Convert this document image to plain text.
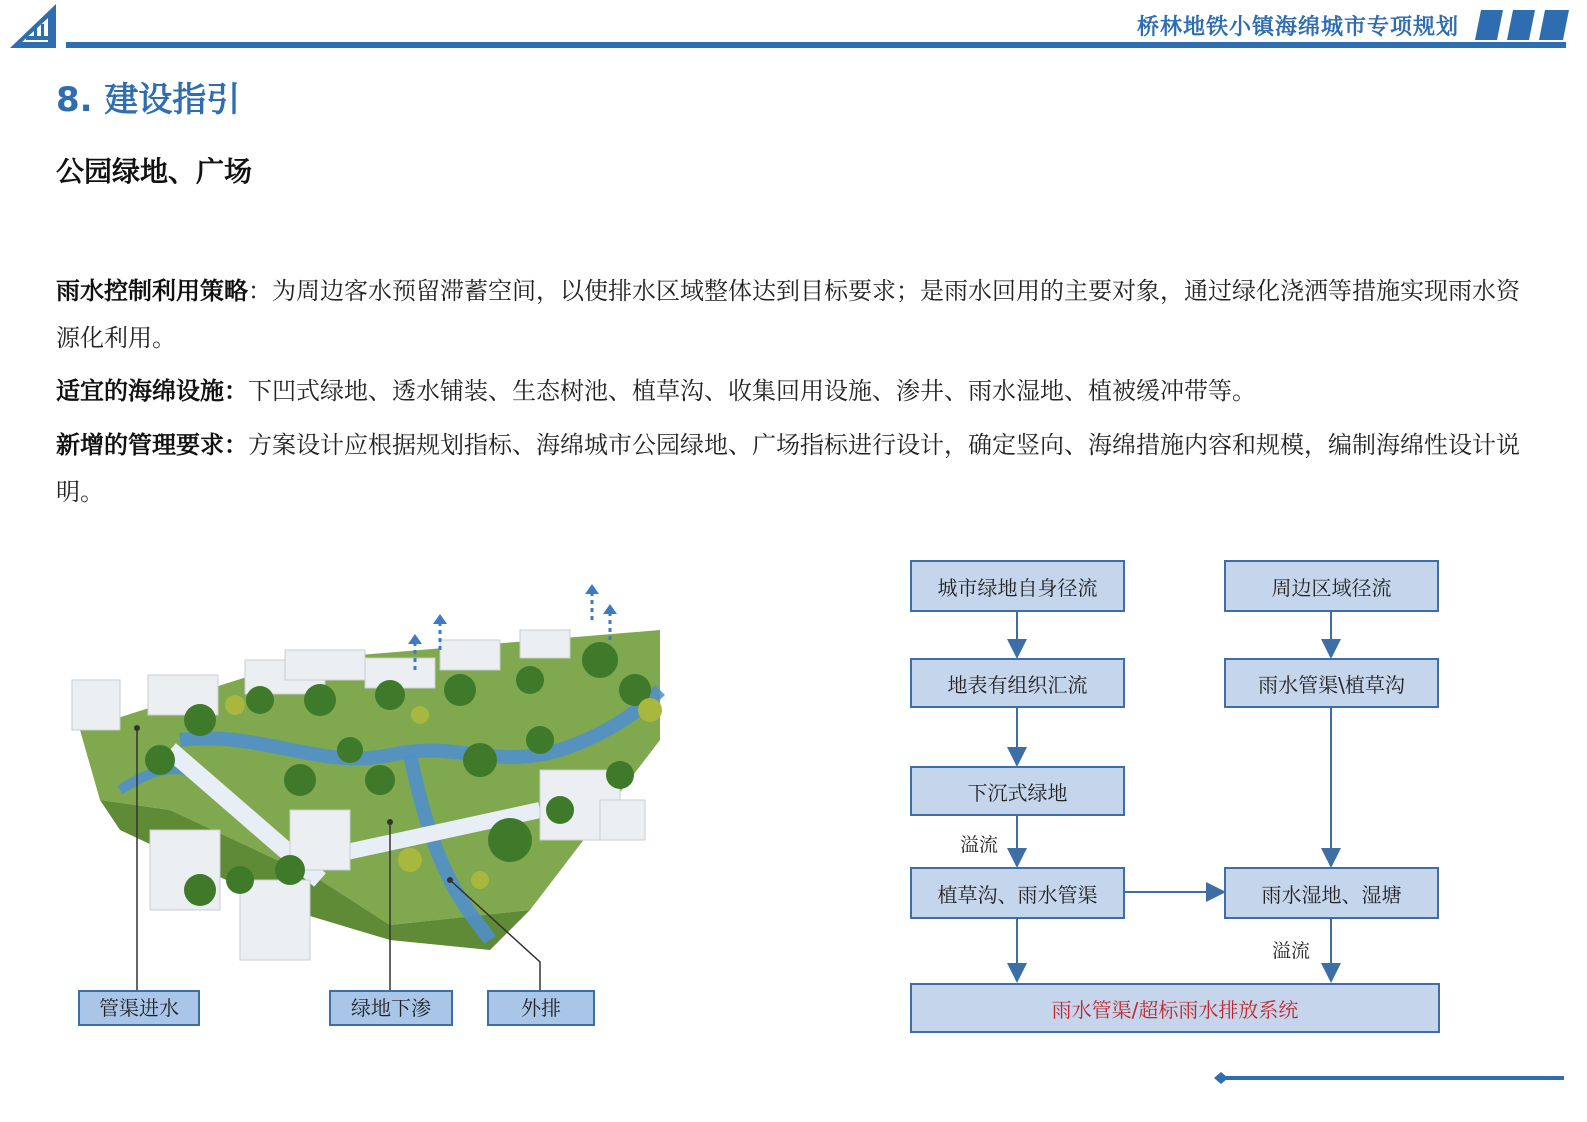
桥林地铁小镇海绵城市专项规划
8. 建设指引
公园绿地、广场
雨水控制利用策略：为周边客水预留滞蓄空间，以使排水区域整体达到目标要求；是雨水回用的主要对象，通过绿化浇洒等措施实现雨水资源化利用。
适宜的海绵设施：下凹式绿地、透水铺装、生态树池、植草沟、收集回用设施、渗井、雨水湿地、植被缓冲带等。
新增的管理要求：方案设计应根据规划指标、海绵城市公园绿地、广场指标进行设计，确定竖向、海绵措施内容和规模，编制海绵性设计说明。
管渠进水	绿地下渗	外排
城市绿地自身径流	周边区域径流
地表有组织汇流	雨水管渠\植草沟
下沉式绿地
溢流
植草沟、雨水管渠	雨水湿地、湿塘
溢流
雨水管渠/超标雨水排放系统
